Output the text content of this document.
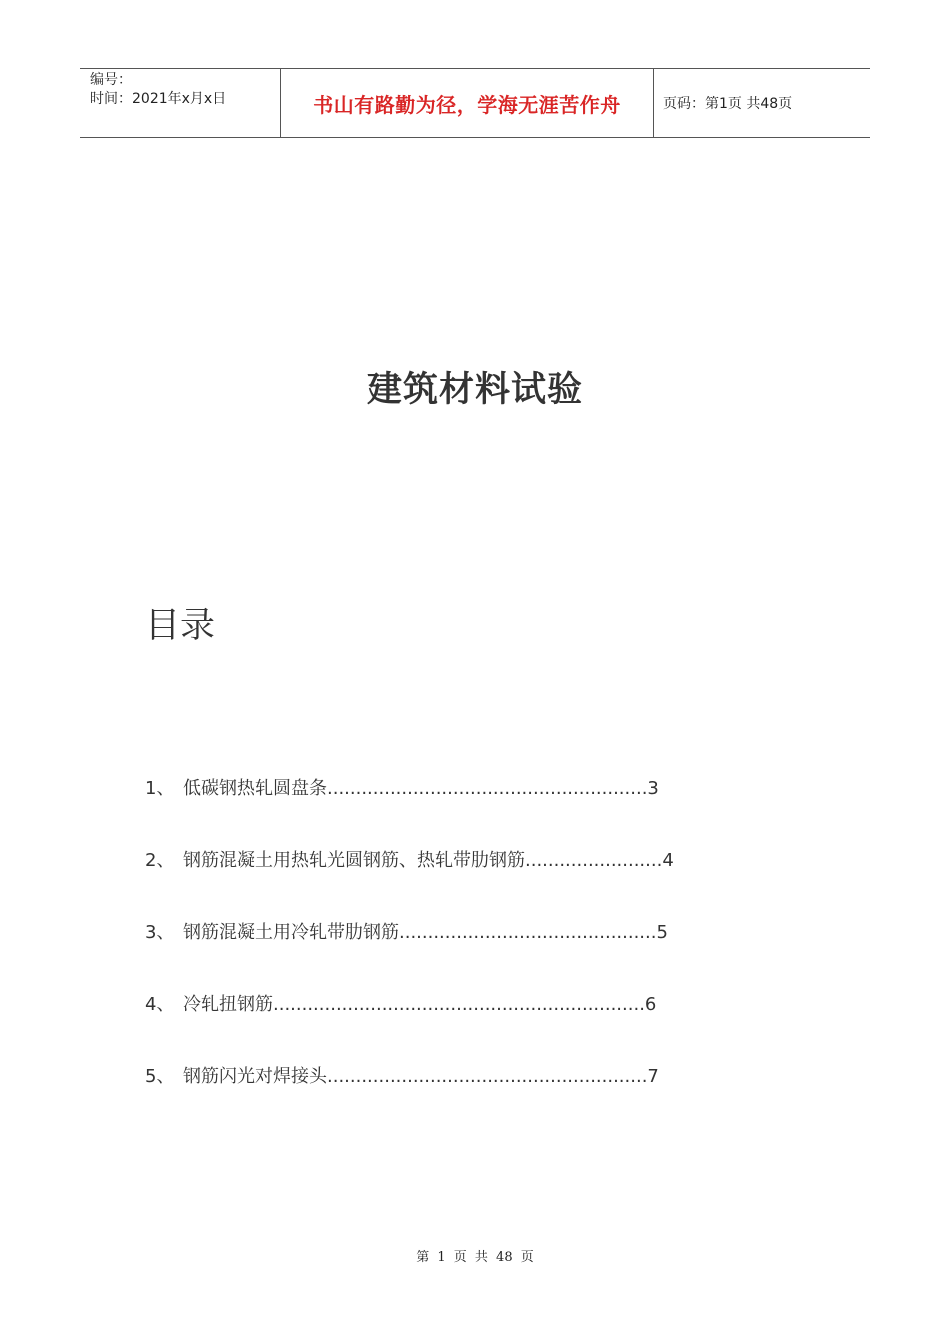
编号：
时间：2021年x月x日	书山有路勤为径，学海无涯苦作舟	页码：第1页 共48页
建筑材料试验
目录
1、 低碳钢热轧圆盘条........................................................3
2、 钢筋混凝土用热轧光圆钢筋、热轧带肋钢筋........................4
3、 钢筋混凝土用冷轧带肋钢筋.............................................5
4、 冷轧扭钢筋.................................................................6
5、 钢筋闪光对焊接头........................................................7
第 1 页 共 48 页
